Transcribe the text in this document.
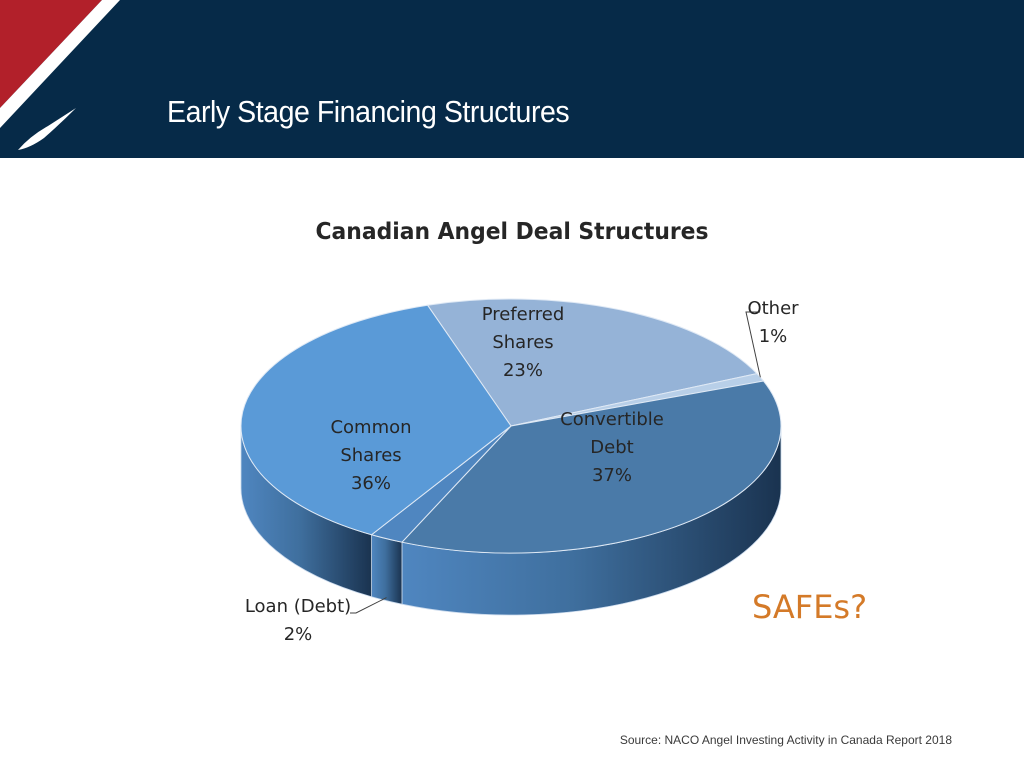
Early Stage Financing Structures
Canadian Angel Deal Structures
Preferred
Shares
23%
Other
1%
Convertible
Debt
37%
Loan (Debt)
2%
Common
Shares
36%
SAFEs?
Source: NACO Angel Investing Activity in Canada Report 2018
